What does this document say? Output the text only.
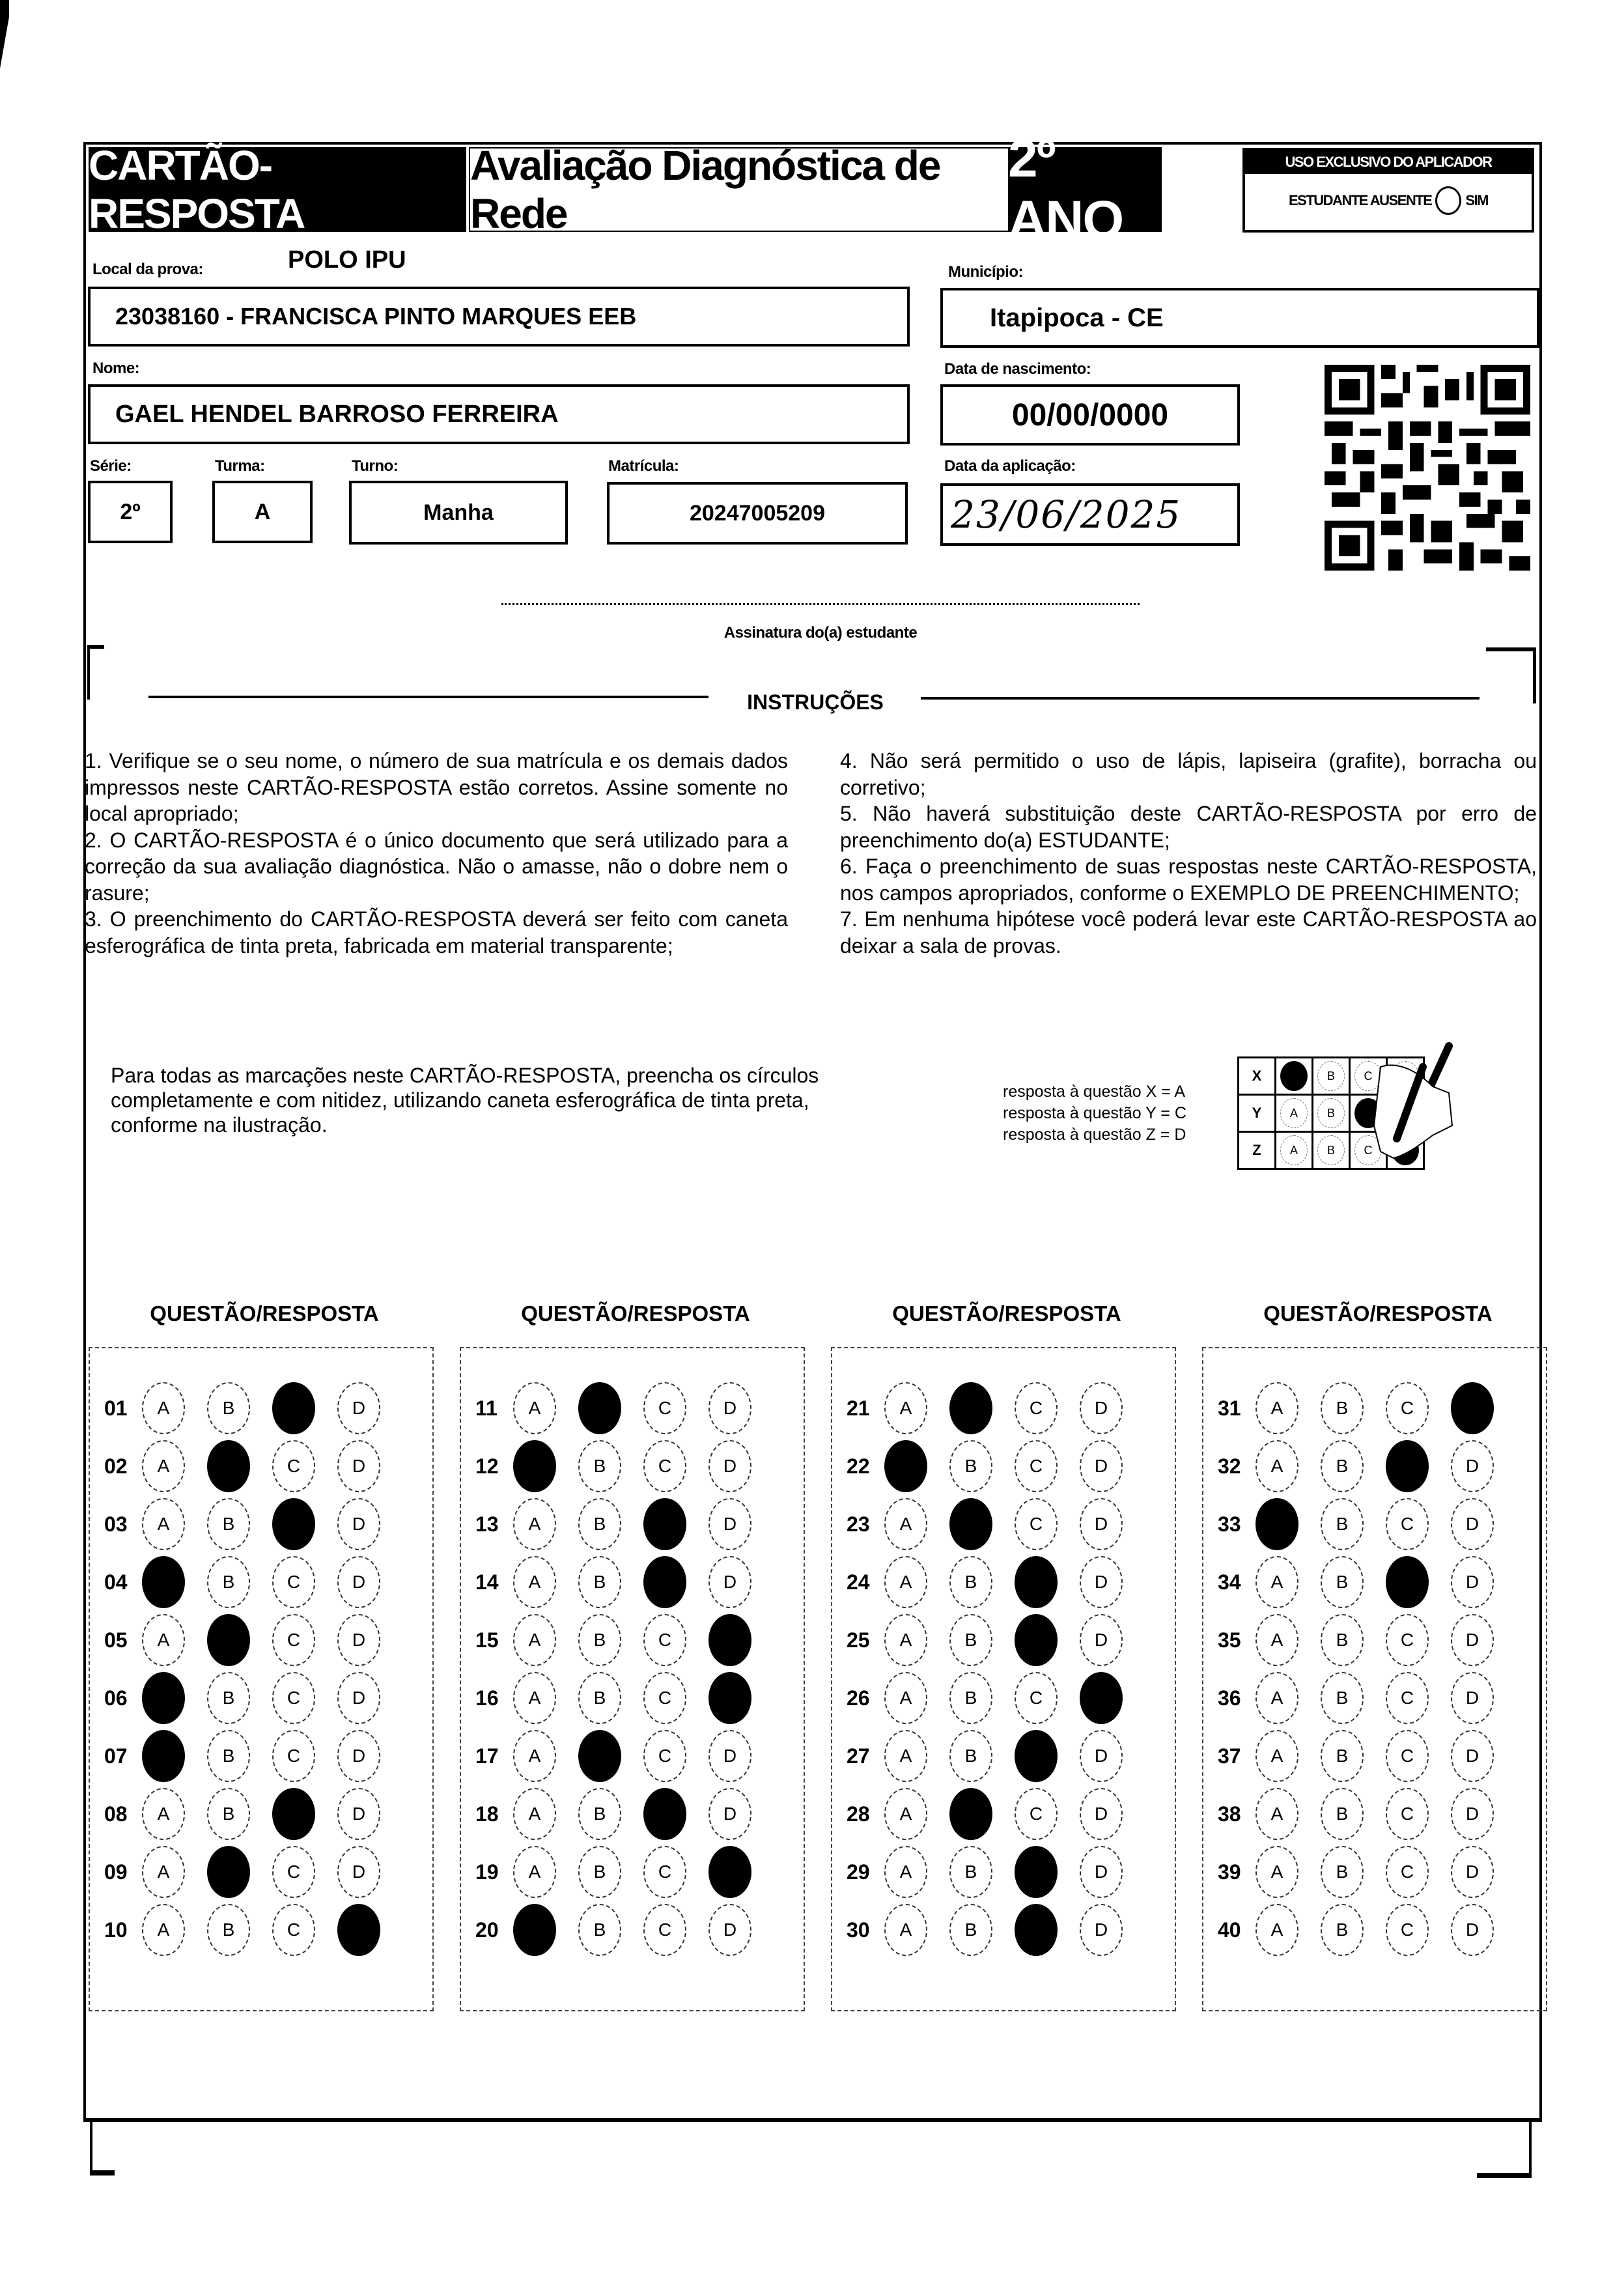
CARTÃO-RESPOSTA
Avaliação Diagnóstica de Rede
2º ANO
USO EXCLUSIVO DO APLICADOR
ESTUDANTE AUSENTE SIM
Local da prova:	POLO IPU
23038160 - FRANCISCA PINTO MARQUES EEB
Município:
Itapipoca - CE
Nome:
GAEL HENDEL BARROSO FERREIRA
Data de nascimento:
00/00/0000
Série:
2º
Turma:
A
Turno:
Manha
Matrícula:
20247005209
Data da aplicação:
23/06/2025
Assinatura do(a) estudante
INSTRUÇÕES

1. Verifique se o seu nome, o número de sua matrícula e os demais dados impressos neste CARTÃO-RESPOSTA estão corretos. Assine somente no local apropriado;

2. O CARTÃO-RESPOSTA é o único documento que será utilizado para a correção da sua avaliação diagnóstica. Não o amasse, não o dobre nem o rasure;

3. O preenchimento do CARTÃO-RESPOSTA deverá ser feito com caneta esferográfica de tinta preta, fabricada em material transparente;

4. Não será permitido o uso de lápis, lapiseira (grafite), borracha ou corretivo;

5. Não haverá substituição deste CARTÃO-RESPOSTA por erro de preenchimento do(a) ESTUDANTE;

6. Faça o preenchimento de suas respostas neste CARTÃO-RESPOSTA, nos campos apropriados, conforme o EXEMPLO DE PREENCHIMENTO;

7. Em nenhuma hipótese você poderá levar este CARTÃO-RESPOSTA ao deixar a sala de provas.

Para todas as marcações neste CARTÃO-RESPOSTA, preencha os círculos completamente e com nitidez, utilizando caneta esferográfica de tinta preta, conforme na ilustração.
resposta à questão X = A
resposta à questão Y = C
resposta à questão Z = D
X	A	B	C	
Y	A	B	C	
Z	A	B	C	
QUESTÃO/RESPOSTA
01	A	B	C	D
02	A	B	C	D
03	A	B	C	D
04	A	B	C	D
05	A	B	C	D
06	A	B	C	D
07	A	B	C	D
08	A	B	C	D
09	A	B	C	D
10	A	B	C	D
QUESTÃO/RESPOSTA
11	A	B	C	D
12	A	B	C	D
13	A	B	C	D
14	A	B	C	D
15	A	B	C	D
16	A	B	C	D
17	A	B	C	D
18	A	B	C	D
19	A	B	C	D
20	A	B	C	D
QUESTÃO/RESPOSTA
21	A	B	C	D
22	A	B	C	D
23	A	B	C	D
24	A	B	C	D
25	A	B	C	D
26	A	B	C	D
27	A	B	C	D
28	A	B	C	D
29	A	B	C	D
30	A	B	C	D
QUESTÃO/RESPOSTA
31	A	B	C	D
32	A	B	C	D
33	A	B	C	D
34	A	B	C	D
35	A	B	C	D
36	A	B	C	D
37	A	B	C	D
38	A	B	C	D
39	A	B	C	D
40	A	B	C	D
